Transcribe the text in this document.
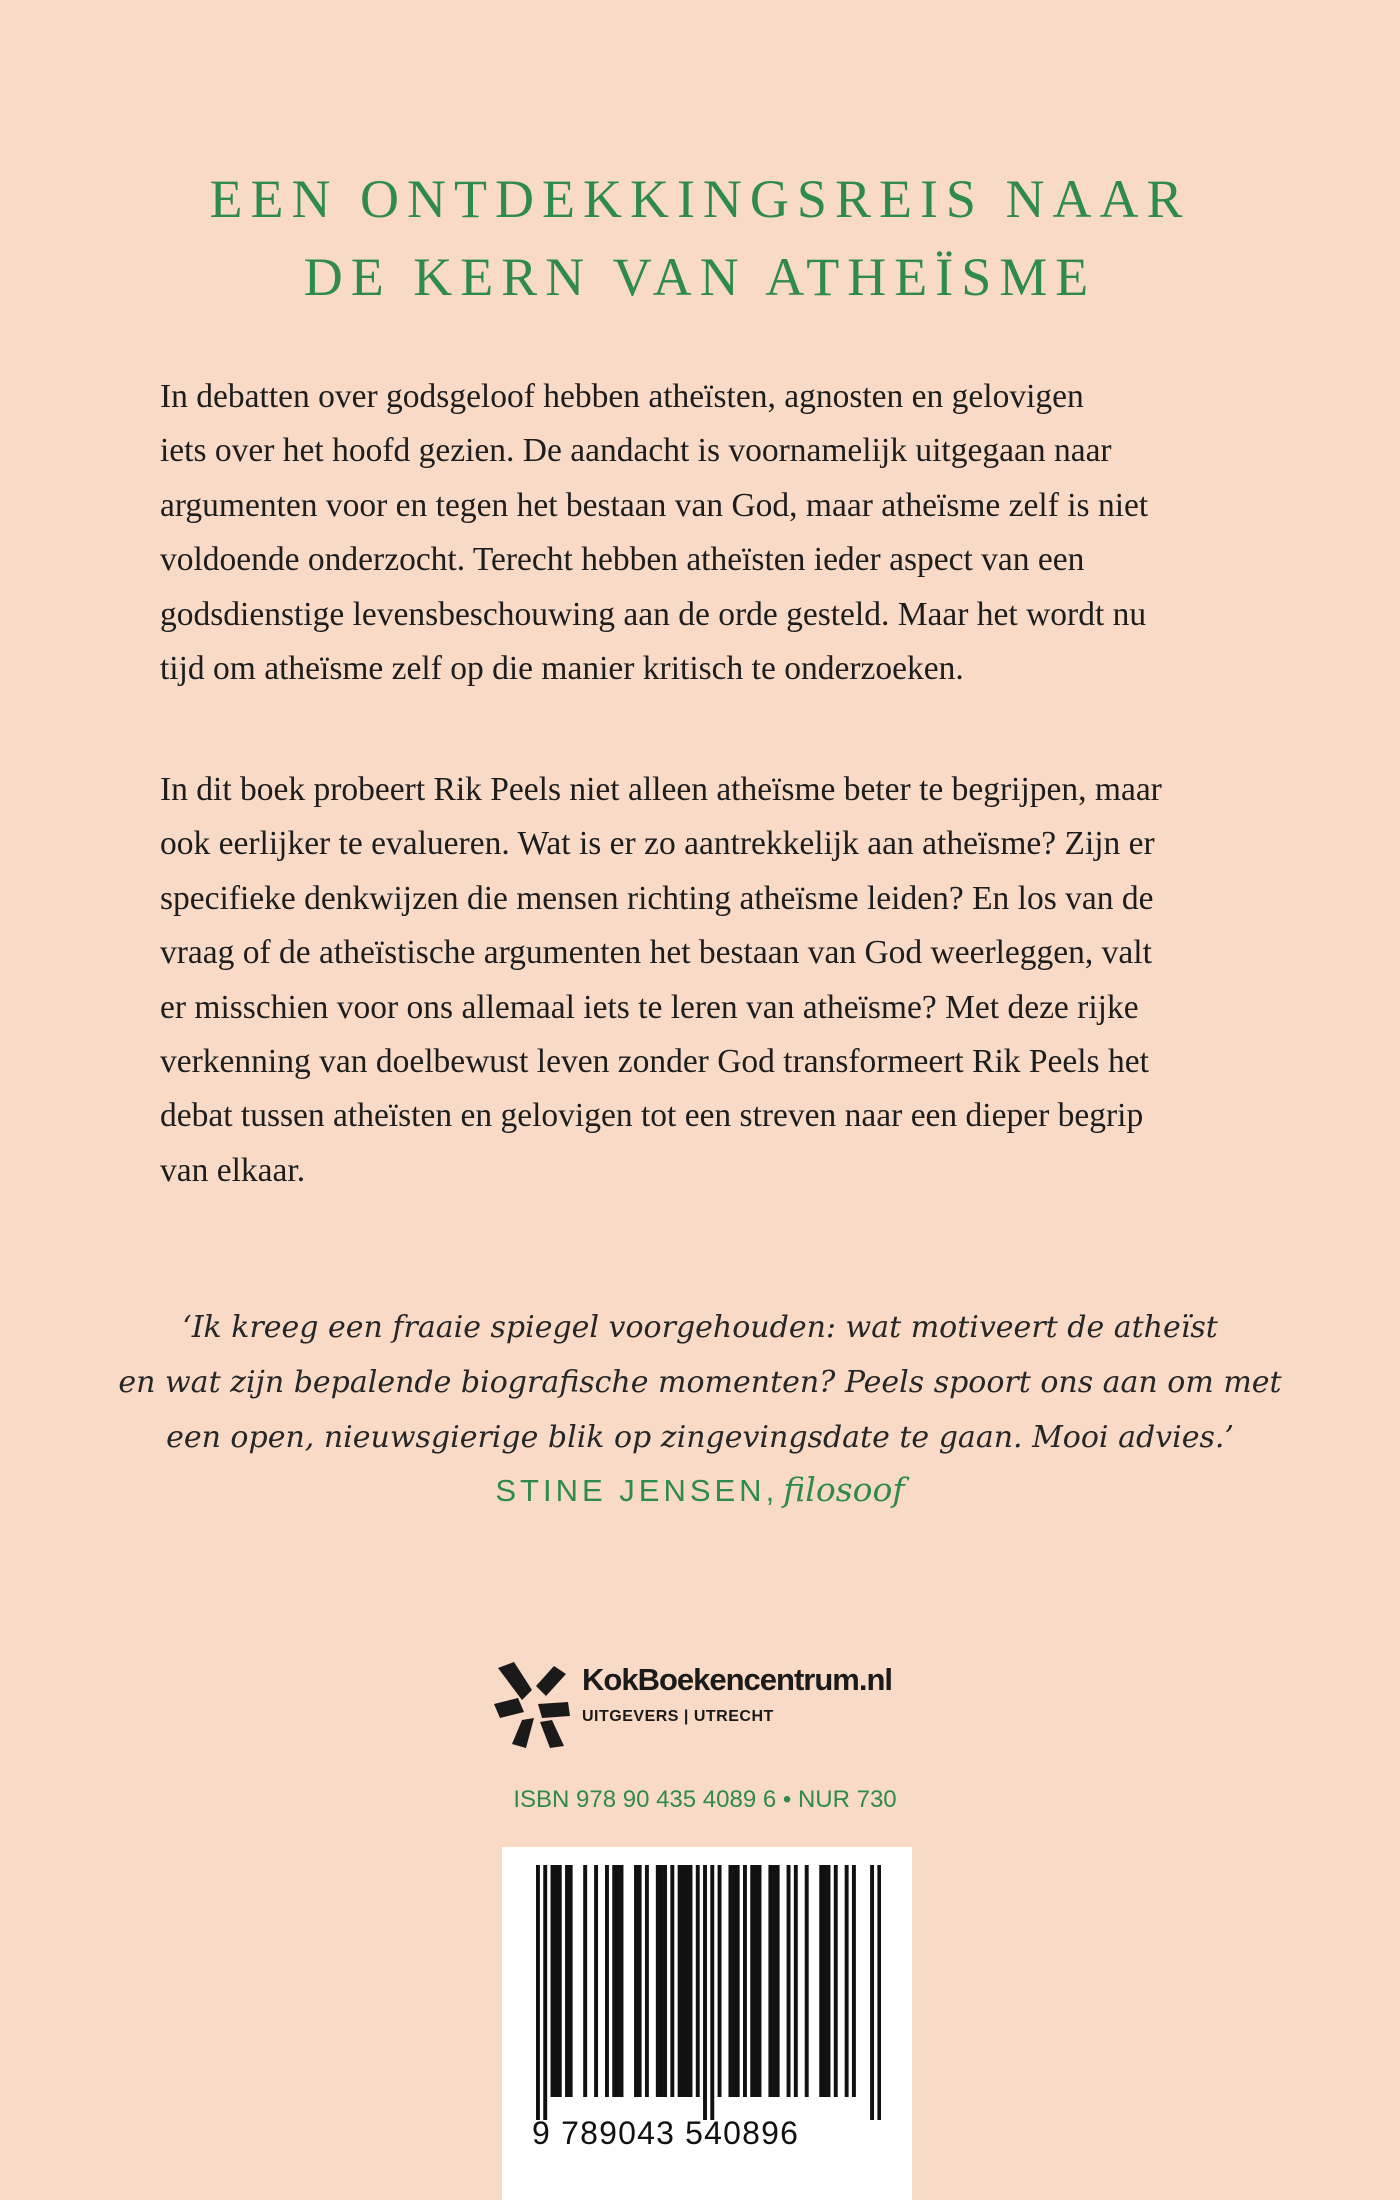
EEN ONTDEKKINGSREIS NAAR
DE KERN VAN ATHEÏSME
In debatten over godsgeloof hebben atheïsten, agnosten en gelovigen
iets over het hoofd gezien. De aandacht is voornamelijk uitgegaan naar
argumenten voor en tegen het bestaan van God, maar atheïsme zelf is niet
voldoende onderzocht. Terecht hebben atheïsten ieder aspect van een
godsdienstige levensbeschouwing aan de orde gesteld. Maar het wordt nu
tijd om atheïsme zelf op die manier kritisch te onderzoeken.
In dit boek probeert Rik Peels niet alleen atheïsme beter te begrijpen, maar
ook eerlijker te evalueren. Wat is er zo aantrekkelijk aan atheïsme? Zijn er
specifieke denkwijzen die mensen richting atheïsme leiden? En los van de
vraag of de atheïstische argumenten het bestaan van God weerleggen, valt
er misschien voor ons allemaal iets te leren van atheïsme? Met deze rijke
verkenning van doelbewust leven zonder God transformeert Rik Peels het
debat tussen atheïsten en gelovigen tot een streven naar een dieper begrip
van elkaar.
‘Ik kreeg een fraaie spiegel voorgehouden: wat motiveert de atheïst
en wat zijn bepalende biografische momenten? Peels spoort ons aan om met
een open, nieuwsgierige blik op zingevingsdate te gaan. Mooi advies.’
STINE JENSEN, filosoof
KokBoekencentrum.nl
UITGEVERS | UTRECHT
ISBN 978 90 435 4089 6 • NUR 730
9 789043 540896
